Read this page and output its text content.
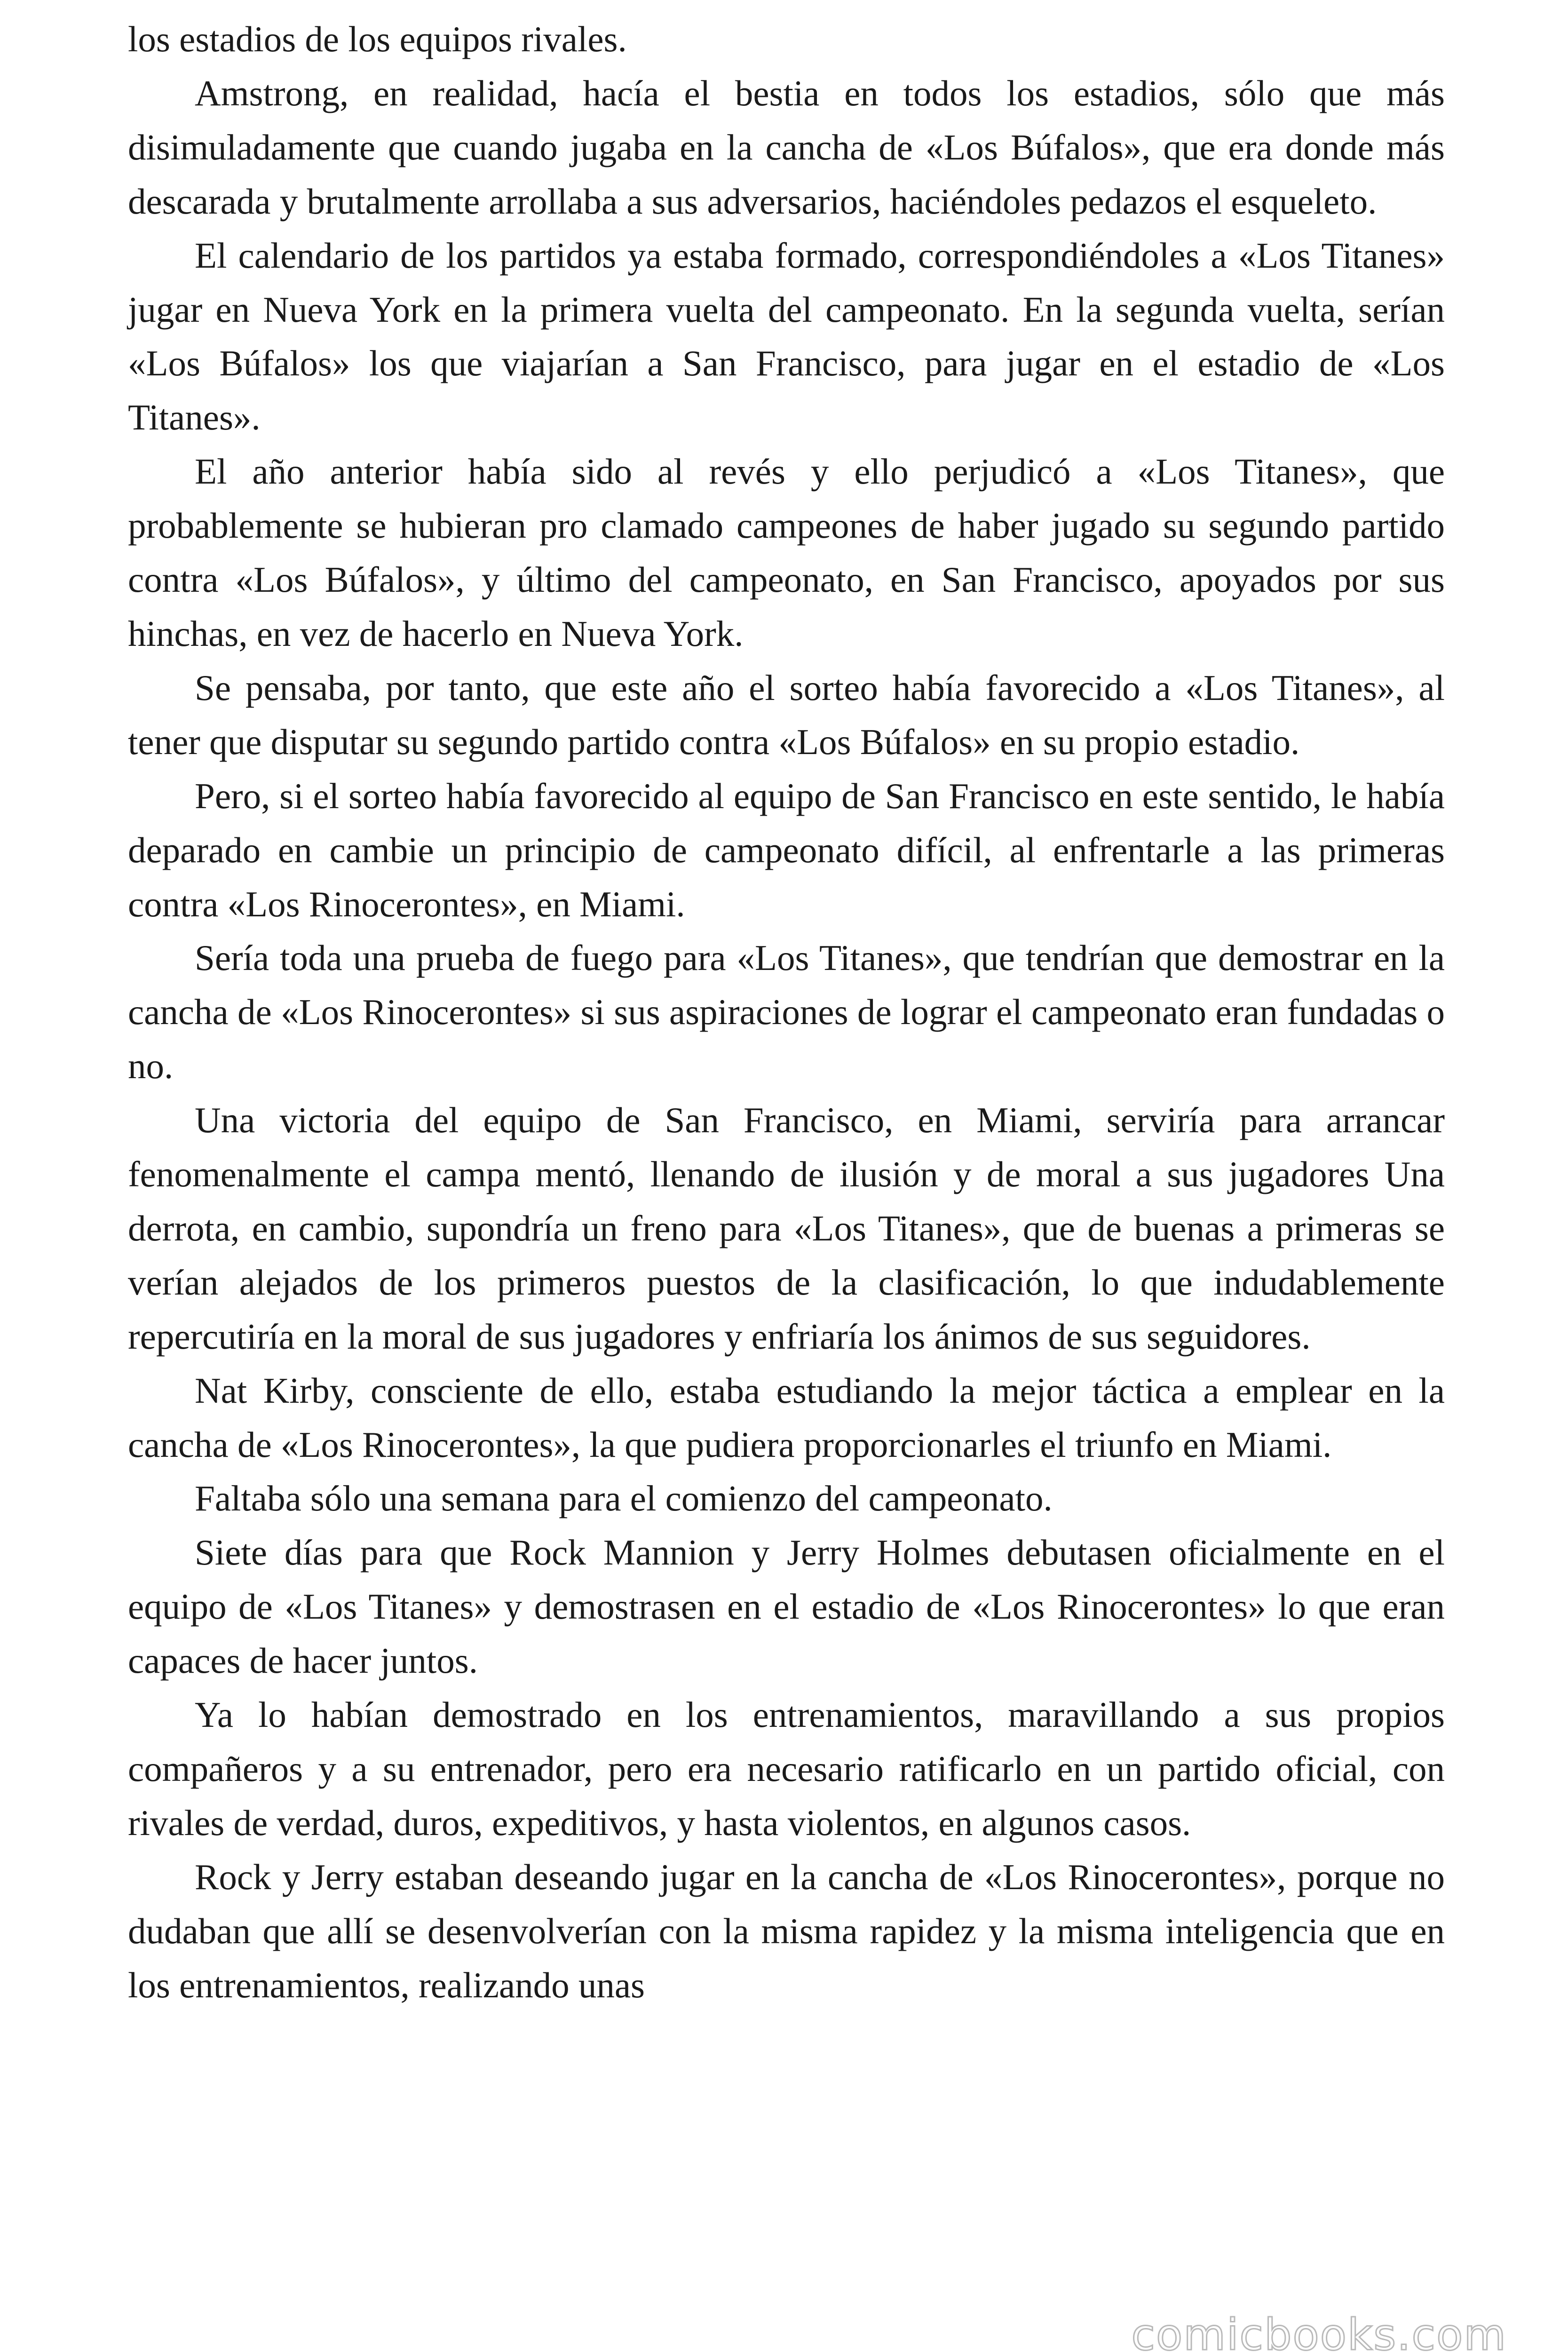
los estadios de los equipos rivales.

Amstrong, en realidad, hacía el bestia en todos los estadios, sólo que más disimuladamente que cuando jugaba en la cancha de «Los Búfalos», que era donde más descarada y brutalmente arrollaba a sus adversarios, haciéndoles pedazos el esqueleto.

El calendario de los partidos ya estaba formado, correspondiéndoles a «Los Titanes» jugar en Nueva York en la primera vuelta del campeonato. En la segunda vuelta, serían «Los Búfalos» los que viajarían a San Francisco, para jugar en el estadio de «Los Titanes».

El año anterior había sido al revés y ello perjudicó a «Los Titanes», que probablemente se hubieran pro clamado campeones de haber jugado su segundo partido contra «Los Búfalos», y último del campeonato, en San Francisco, apoyados por sus hinchas, en vez de hacerlo en Nueva York.

Se pensaba, por tanto, que este año el sorteo había favorecido a «Los Titanes», al tener que disputar su segundo partido contra «Los Búfalos» en su propio estadio.

Pero, si el sorteo había favorecido al equipo de San Francisco en este sentido, le había deparado en cambie un principio de campeonato difícil, al enfrentarle a las primeras contra «Los Rinocerontes», en Miami.

Sería toda una prueba de fuego para «Los Titanes», que tendrían que demostrar en la cancha de «Los Rinocerontes» si sus aspiraciones de lograr el campeonato eran fundadas o no.

Una victoria del equipo de San Francisco, en Miami, serviría para arrancar fenomenalmente el campa mentó, llenando de ilusión y de moral a sus jugadores Una derrota, en cambio, supondría un freno para «Los Titanes», que de buenas a primeras se verían alejados de los primeros puestos de la clasificación, lo que indudablemente repercutiría en la moral de sus jugadores y enfriaría los ánimos de sus seguidores.

Nat Kirby, consciente de ello, estaba estudiando la mejor táctica a emplear en la cancha de «Los Rinocerontes», la que pudiera proporcionarles el triunfo en Miami.

Faltaba sólo una semana para el comienzo del campeonato.

Siete días para que Rock Mannion y Jerry Holmes debutasen oficialmente en el equipo de «Los Titanes» y demostrasen en el estadio de «Los Rinocerontes» lo que eran capaces de hacer juntos.

Ya lo habían demostrado en los entrenamientos, maravillando a sus propios compañeros y a su entrenador, pero era necesario ratificarlo en un partido oficial, con rivales de verdad, duros, expeditivos, y hasta violentos, en algunos casos.

Rock y Jerry estaban deseando jugar en la cancha de «Los Rinocerontes», porque no dudaban que allí se desenvolverían con la misma rapidez y la misma inteligencia que en los entrenamientos, realizando unas

comicbooks.com
